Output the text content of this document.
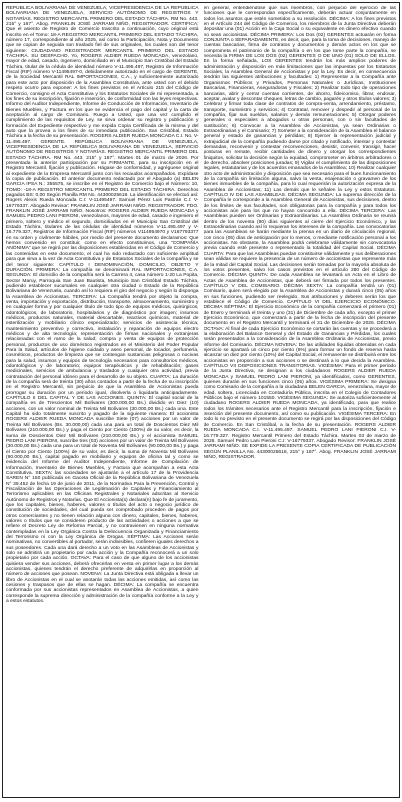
REPÚBLICA BOLIVARIANA DE VENEZUELA, VICEPRESIDENCIA DE LA REPÚBLICA BOLIVARIANA DE VENEZUELA, SERVICIO AUTÓNOMO DE REGISTROS Y NOTARÍAS. REGISTRO MERCANTIL PRIMERO DEL ESTADO TÁCHIRA. RM No. 443. 215° y 167°. Abog. FRANKLIN JOSÉ JARRAMI NIÑO, REGISTRADOR. CERTIFICA: Que el asiento de Registro de Comercio trascrito a continuación, cuyo original está inscrito en el Tomo: 18-A REGISTRO MERCANTIL PRIMERO DEL ESTADO TÁCHIRA, número 17, correspondiente al año 2025, así como la Participación, Nota y Documento que se copian de seguida son traslado fiel de sus originales, los cuales son del tenor siguiente: CIUDADANO REGISTRADOR MERCANTIL PRIMERO DEL ESTADO TÁCHIRA. SU DESPACHO. Yo, ROGERS ALDIER RUEDA MONCADA, venezolano, mayor de edad, casado, ingeniero, domiciliado en el Municipio San Cristóbal del Estado Táchira, titular de la cédula de identidad número V-11.495.497, Registro de Información Fiscal (RIF) número V-11495497-0, debidamente autorizado en el cargo de GERENTE, de la Sociedad Mercantil RAL IMPORTACIONES, C.A., y suficientemente autorizado para este acto por disposición de la Asamblea Constitutiva, ante usted con el debido respeto ocurro para exponer: A los fines previstos en el Artículo 215 del Código de Comercio, consigno el Acta Constitutiva y los Estatutos Sociales de mi representada, a los fines de su inscripción, fijación e inserción, de conformidad con las leyes respectivas. Informo del Auditor Independiente, Informe de Conducción de Información, Inventario de Bienes Muebles, y Factura en los que se evidencia el pago del capital y la carta de aceptación al cargo de Comisario. Ruego a Usted, que una vez cumplido el cumplimiento de las requisitos de Ley, se sirva ordenar su registro y publicación y formación del Expediente respectivo y me expida Copia Certificada de la misma y del auto que la provea a los fines de su inmediata publicación. San Cristóbal, Estado Táchira a la fecha de su presentación. ROGERS ALDIER RUEDA MONCADA C.I. No. V-11.495.497. GERENTE. REPÚBLICA BOLIVARIANA DE VENEZUELA, VICEPRESIDENCIA DE LA REPÚBLICA BOLIVARIANA DE VENEZUELA, SERVICIO AUTÓNOMO DE REGISTROS Y NOTARÍAS. REGISTRO MERCANTIL PRIMERO DEL ESTADO TÁCHIRA. RM No. 443. 215° y 167°. Martes 01 de marzo de 2026. Por presentada la anterior participación por su FIRMANTE, para su inscripción en el Registro Mercantil, fijación y publicación. Hágase de conformidad, y agréguese original al expediente de la Empresa Mercantil junto con los recaudos acompañados. Expídase la copia de publicación. El anterior documento redactado por el Abogado (a) BELEN GARCIA IPSA N.: 355575, se inscribe en el Registro de Comercio bajo el Número: 10, TOMO: -18-A REGISTRO MERCANTIL PRIMERO DEL ESTADO TÁCHIRA. Derechos pagados BS: 0,00 Según Planilla RM No. 44300025618. La identificación se efectuó así: Rogers Alexis Rueda Moncada C.I: V-11495497. Samuel Pérez Luis Pastrán C.I: V-16779337. Abogado Revisor: FRANKLIN JOSÉ JARRAMI NIÑO. REGISTRADOR. FDO. FRANKLIN JOSÉ JARRAMI NIÑO. Nosotros: ROGERS ALDIER RUEDA MONCADA y SAMUEL PEDRO LANI PIERONI, venezolanos, mayores de edad, casado e ingeniero el primero, soltero y médico el segundo, domiciliados en el Municipio San Cristóbal del Estado Táchira, titulares de las cédulas de identidad números V-11.495.497 y V-16.779.327, Registros de Información Fiscal (RIF) números V114954970 y V167793377 en su orden y civilmente hábiles, por medio del presente documento declaramos: Que hemos convenido en constituir, como en efecto constituimos, una “COMPAÑÍA ANÓNIMA” que se regirá por las disposiciones establecidas en el Código de Comercio y las contenidas en este documento, el cual ha sido redactado con suficiente amplitud para que sirva a la vez de Acta Constitutiva y de Estatutos Sociales de la compañía y se del tenor siguiente: CAPÍTULO I DENOMINACIÓN, DOMICILIO, OBJETO Y DURACIÓN. PRIMERA: La compañía se denominará RAL IMPORTACIONES, C.A. SEGUNDA: El domicilio de la compañía será la Carrera 4, casa número 1-20 La Popita, Sector Maruy, Parroquia San Juan Bautista, Municipio San Cristóbal Estado Táchira, pudiendo establecer sucursales en cualquier otra ciudad o Estado de la República Bolivariana de Venezuela, cuando así lo requiera el giro del negocio y según lo disponga la Asamblea de Accionistas. TERCERA: La Compañía tendrá por objeto la compra, venta, importación y exportación, distribución, transporte, almacenamiento, suministro y en cualquier forma y por cualquier título de todo tipo de equipos médicos, quirúrgicos, odontológicos, de laboratorio, hospitalarios y de diagnóstico por imagen; insumos médicos, productos naturales, material descartable, reactivos químicos, material de esterilización y mobiliario clínico especializado; servicios de asistencia técnica, mantenimiento preventivo y correctivo, instalación y reparación de equipos electro médicos y de alta tecnología; representación de firmas nacionales y extranjeras relacionadas con el ramo de la salud; compra y venta de equipos de protección personal, productos de uso doméstico registrados en el Ministerio del Poder Popular Para la Salud, artículos de higiene cuidado y aseo personal, de tocador, perfumería, cosméticos, productos de limpieza que se contengan sustancias peligrosas o nocivas para la salud, insumos y equipos de tecnología necesarios para consultorios médicos, odontológicos y de laboratorio; equipos terapéuticos y de rehabilitación; gases medicinales, servicios de ambulancia y traslados y cualquier otra actividad, previa contratación del personal idóneo para el desarrollo de su objeto. CUARTA: La duración de la compañía será de treinta (30) años contados a partir de la fecha de su inscripción en el Registro Mercantil, sin perjuicio de que la Asamblea de Accionistas pueda prorrogar su duración por un periodo igual, disolverla o liquidarla anticipadamente. CAPÍTULO II DEL CAPITAL Y DE LAS ACCIONES. QUINTA: El capital social de la compañía es de Trescientos Mil Bolívares (300.000,00 Bs.) dividido en Diez (10) acciones, con un valor nominal de Treinta Mil Bolívares (30.000,00 Bs.) cada una. Este Capital ha sido totalmente suscrito y pagado de la siguiente manera: El accionista ROGERS ALDIER RUEDA MONCADA suscribe Siete (07) acciones por un valor de Treinta Mil Bolívares (Bs. 30.000,00) cada una para un total de Doscientos Diez Mil Bolívares (210.000,00 Bs.) y paga el Ciento por Ciento (100%) de su valor, es decir, la suma de Doscientos Diez Mil Bolívares (210.000,00 Bs.) y el accionista SAMUEL PEDRO LANI PIERONI, suscribe tres (03) acciones por un valor de Treinta Mil Bolívares (30.000,00 Bs.) cada una para un total de Noventa Mil Bolívares (90.000,00 Bs.) y paga el Ciento por Ciento (100%) de su valor, es decir, la suma de Noventa Mil Bolívares (90.000,00 Bs.), capital pagado en mobiliario y equipos de oficina tal y como se evidencia del Informe del Auditor Independiente, Informe de Compilación de Información, Inventario de Bienes Muebles, y Factura que acompañan a esta Acta Constitutiva. SEXTA: las sociedades se ajustarán a el artículo 17 de la Providencia SAREN N° 150 publicada en Gaceta Oficial de la República Bolivariana de Venezuela N° 39.452 de fecha 19 de junio de 2011, de la Normativa Para la Prevención, Control y Fiscalización de las Operaciones de Legitimación de Capitales y Financiamiento al Terrorismo aplicables en las Oficinas Registrales y Notariales adscritas al Servicio Autónomo de Registros y Notarías. Que El Accionista(s) declara(n) bajo fe de juramento, que los capitales, bienes, haberes, valores o títulos del acto o negocio jurídico de constitución de sociedades, del cual pueda ser comprobado proceden de pagos por otros comerciantes y no tienen relación alguna con dinero, capitales, bienes, haberes, valores o títulos que se consideren producto de las actividades o acciones a que se refiere el Decreto Ley de Reforma Parcial, y no contravienen en ninguna normativa contempladas en la Ley Orgánica Contra la Delincuencia Organizada y Financiamiento del Terrorismo ni con la Ley Orgánica de Drogas. SÉPTIMA: Las Acciones serán nominativas, no convertibles al portador, serán indivisibles, confieren iguales derechos a sus poseedores. Cada una dará derecho a un voto en las Asambleas de Accionistas y solo se admitirá un propietario por cada acción y la Compañía reconocerá a un solo propietario por cada acción. OCTAVA: Para el caso de que alguno de los accionistas quisiera vender sus acciones, deberá ofrecerlas en venta en primer lugar a los demás accionistas, quienes tendrán el derecho preferente de adquirirlas en proporción al número de acciones que posean. NOVENA: La Junta Directiva está obligada a llevar un libro de Accionistas en el cual se anotarán todas las acciones emitidas, así como las cesiones y traspasos que de ellas se hagan. DÉCIMA: La compañía se encuentra conformada por sus accionistas representados en Asamblea de Accionistas, a quien corresponde la suprema dirección y administración de la compañía conforme a la Ley y a estos estatutos.

en general, entendiéndose que sus miembros, con perjuicio del ejercicio de las funciones que le correspondan específicamente, deberán actuar conjuntamente en todos los asuntos que estén sometidos a su resolución. DÉCIMA: A los fines previstos en el Artículo 244 del Código de Comercio, los miembros de la Junta Directiva deberán depositar una (01) Acción en la Caja Social o su equivalente en dinero efectivo cuando no sean accionistas. DÉCIMA PRIMERA: Los Dos (02) GERENTES actuarán en forma CONJUNTA o SEPARADAMENTE, es decir, que, para la toma de decisiones, manejo de cuentas bancarias, firma de contratos y documentos y demás actos en los que se comprometa el patrimonio de la compañía o en los que tome parte la compañía, se necesita la FIRMA DE LOS DOS (02) GERENTES O DE UNO (01) SOLO DE ELLOS. En la forma señalada, LOS GERENTES tendrán los más amplios poderes de administración y disposición en más limitaciones que las impuestas por los Estatutos Sociales, la Asamblea General de Accionistas y por la Ley. Es decir, en consecuencia tendrán las siguientes atribuciones y facultades: 1) Representar a la Compañía ante Organismos Públicos y Privados, Personas Naturales o Jurídicas, Instituciones Bancarias, Financieras, Aseguradoras y Fiscales; 2) Realizar todo tipo de operaciones bancarias, abrir y cerrar cuentas corrientes, de ahorro, fideicomiso, librar, endosar, aceptar, avalar y descontar cheques, letras de cambio, pagarés y otros títulos valores; 3) Celebrar y firmar toda clase de contratos de compra-venta, arrendamiento, préstamo, transporte, suministro y servicios; 4) Contratar, remover y despedir al personal de la compañía, fijar sus sueldos, salarios y demás remuneraciones; 5) Otorgar poderes generales o especiales a abogados u otras personas, con o sin facultades de sustitución; 6) Convocar a la Asamblea de Accionistas, ya sean Ordinarias o Extraordinarias y el Comisario; 7) Someter a la consideración de la Asamblea el balance general y estado de ganancias y pérdidas; 8) Ejercer la representación judicial y extrajudicial de la compañía pudiendo darse por citado y notificado, intentar y contestar demandas, reconvenir y contestar reconvenciones, desistir, convenir, transigir, hacer posturas en remate, recibir cantidades de dinero y otorgar los correspondientes finiquitos, solicitar la decisión según la equidad, comprometer en árbitros arbitradores o de derecho, absolver posiciones juradas; 9) Vigilar el cumplimiento de las disposiciones legales, estatutarias y de los acuerdos emanados de la Asamblea; 10) Realizar cualquier otro acto de administración y disposición que sea necesario para el buen funcionamiento de la compañía sin limitación alguna, salvo la venta, enajenación o gravamen de los bienes inmuebles de la compañía, para lo cual requerirán la autorización expresa de la Asamblea de Accionistas; 11) Las demás que le señalen la Ley y estos Estatutos. CAPÍTULO IV DE LAS ASAMBLEAS. DÉCIMA SEGUNDA: La suprema dirección de la Compañía le corresponde a la Asamblea General de Accionistas, sus decisiones, dentro de los límites de sus facultades, son obligatorias para la compañía y para todos los accionistas aún para los que no hayan concurrido a ella. DÉCIMA TERCERA: Las Asambleas pueden ser Ordinarias y Extraordinarias. La Asamblea Ordinaria se reunirá dentro de los noventa (90) días siguientes al cierre del Ejercicio Económico, y las Extraordinarias cuando así lo requieran los intereses de la compañía. Las convocatorias para las Asambleas se harán mediante la prensa en un diario de circulación regional, con cinco (05) días de anticipación por lo menos, o mediante notificación personal a los accionistas. No obstante, la Asamblea podrá celebrarse válidamente sin convocatoria previa cuando esté presente o representado la totalidad del Capital Social. DÉCIMA CUARTA: Para que las Asambleas puedan constituirse válidamente y sus deliberaciones sean válidas se requiere la presencia de un número de accionistas que represente más de la mitad del Capital Social. Las decisiones serán tomadas por la mayoría absoluta de los votos presentes, salvo los casos previstos en el artículo 280 del Código de Comercio. DÉCIMA QUINTA: De cada Asamblea se levantará un Acta en el Libro de Actas de Asamblea de Accionistas, que deberá ser firmada por todos los presentes. CAPÍTULO V DEL COMISARIO. DÉCIMA SEXTA: La compañía tendrá un (01) Comisario, quien será elegido por la Asamblea de Accionistas y durará cinco (05) años en sus funciones, pudiendo ser reelegido. Sus atribuciones y deberes serán los que establece el Código de Comercio. CAPÍTULO VI DEL EJERCICIO ECONÓMICO. DÉCIMA SÉPTIMA: El Ejercicio Económico de la compañía comenzará el primero (01) de Enero y terminará el treinta y uno (31) de Diciembre de cada año, excepto el primer Ejercicio Económico, que comenzará a partir de la fecha de inscripción del presente documento en el Registro Mercantil y terminará el 31 de Diciembre de 2026. DÉCIMA OCTAVA: Al final de cada Ejercicio Económico se cortarán las cuentas y se procederá a la elaboración del Balance General y del Estado de Ganancias y Pérdidas, los cuales serán presentados a la consideración de la Asamblea Ordinaria de Accionistas, previo informe del Comisario. DÉCIMA NOVENA: De las utilidades líquidas obtenidas en cada ejercicio se apartará un cinco por ciento (5%) para formar un fondo de reserva hasta alcanzar un diez por ciento (10%) del Capital Social, el remanente se distribuirá entre los accionistas en proporción a sus acciones o se destinará a lo que decida la Asamblea. CAPÍTULO VII DISPOSICIONES TRANSITORIAS. VIGÉSIMA: Para el primer periodo de la Junta Directiva, se designan a los ciudadanos ROGERS ALDIER RUEDA MONCADA y SAMUEL PEDRO LANI PIERONI, ya identificados, como GERENTES, quienes durarán en sus funciones cinco (05) años. VIGÉSIMA PRIMERA: Se designa como Comisario de la compañía a la ciudadana BELEN GARCIA, venezolana, mayor de edad, soltera, Licenciada en Contaduría Pública, inscrita en el Colegio de Contadores Públicos bajo el número 101550. VIGÉSIMA SEGUNDA: Se autoriza suficientemente al ciudadano ROGERS ALDIER RUEDA MONCADA, ya identificado, para que realice todos los trámites necesarios ante el Registro Mercantil para la inscripción, fijación e inserción del presente documento, así como su publicación. VIGÉSIMA TERCERA: En todo lo no previsto en el presente documento se regirá por las disposiciones del Código de Comercio. En San Cristóbal, a la fecha de su presentación. ROGERS ALDIER RUEDA MONCADA C.I. V-11.495.497. SAMUEL PEDRO LANI PIERONI C.I. V-16.779.327. Registro Mercantil Primero del Estado Táchira. Martes 03 de marzo de 2026. Samuel Pedro Lani Pieroni C.I: V-16779337. Abogado Revisor: FRANKLIN JOSÉ JARRAMI NIÑO. SE EXPIDE LA PRESENTE COPIA CERTIFICADA DE PUBLICACIÓN SEGÚN PLANILLA No. 44300025618, 215° y 167°. Abog. FRANKLIN JOSÉ JARRAMI NIÑO, REGISTRADOR.
